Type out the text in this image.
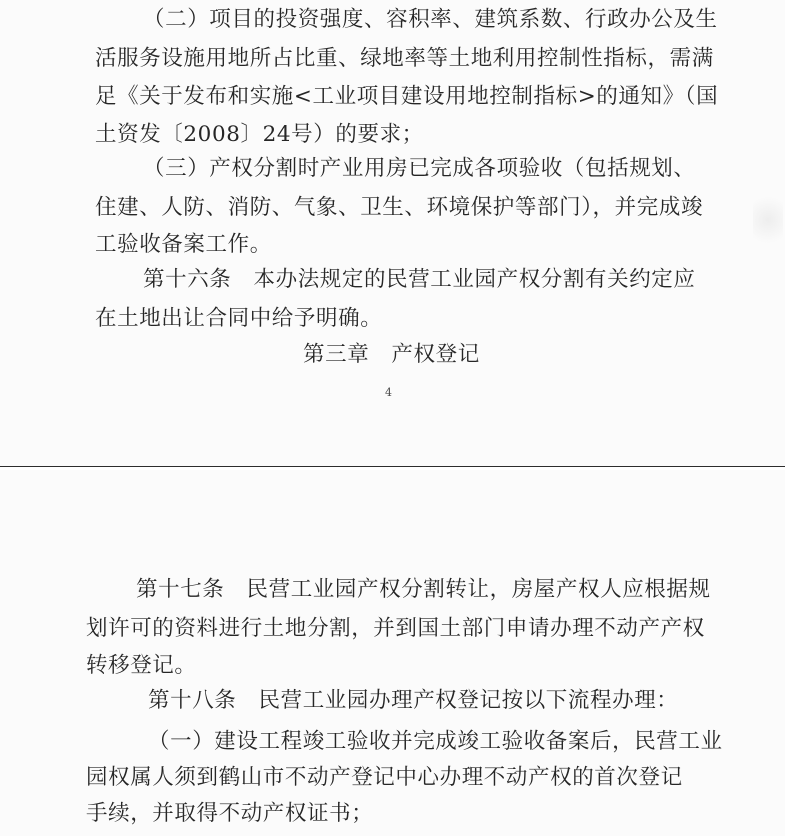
（二）项目的投资强度、容积率、建筑系数、行政办公及生
活服务设施用地所占比重、绿地率等土地利用控制性指标，需满
足《关于发布和实施<工业项目建设用地控制指标>的通知》（国
土资发〔2008〕24号）的要求；
（三）产权分割时产业用房已完成各项验收（包括规划、
住建、人防、消防、气象、卫生、环境保护等部门），并完成竣
工验收备案工作。
第十六条　本办法规定的民营工业园产权分割有关约定应
在土地出让合同中给予明确。
第三章　产权登记
4
第十七条　民营工业园产权分割转让，房屋产权人应根据规
划许可的资料进行土地分割，并到国土部门申请办理不动产产权
转移登记。
第十八条　民营工业园办理产权登记按以下流程办理：
（一）建设工程竣工验收并完成竣工验收备案后，民营工业
园权属人须到鹤山市不动产登记中心办理不动产权的首次登记
手续，并取得不动产权证书；
